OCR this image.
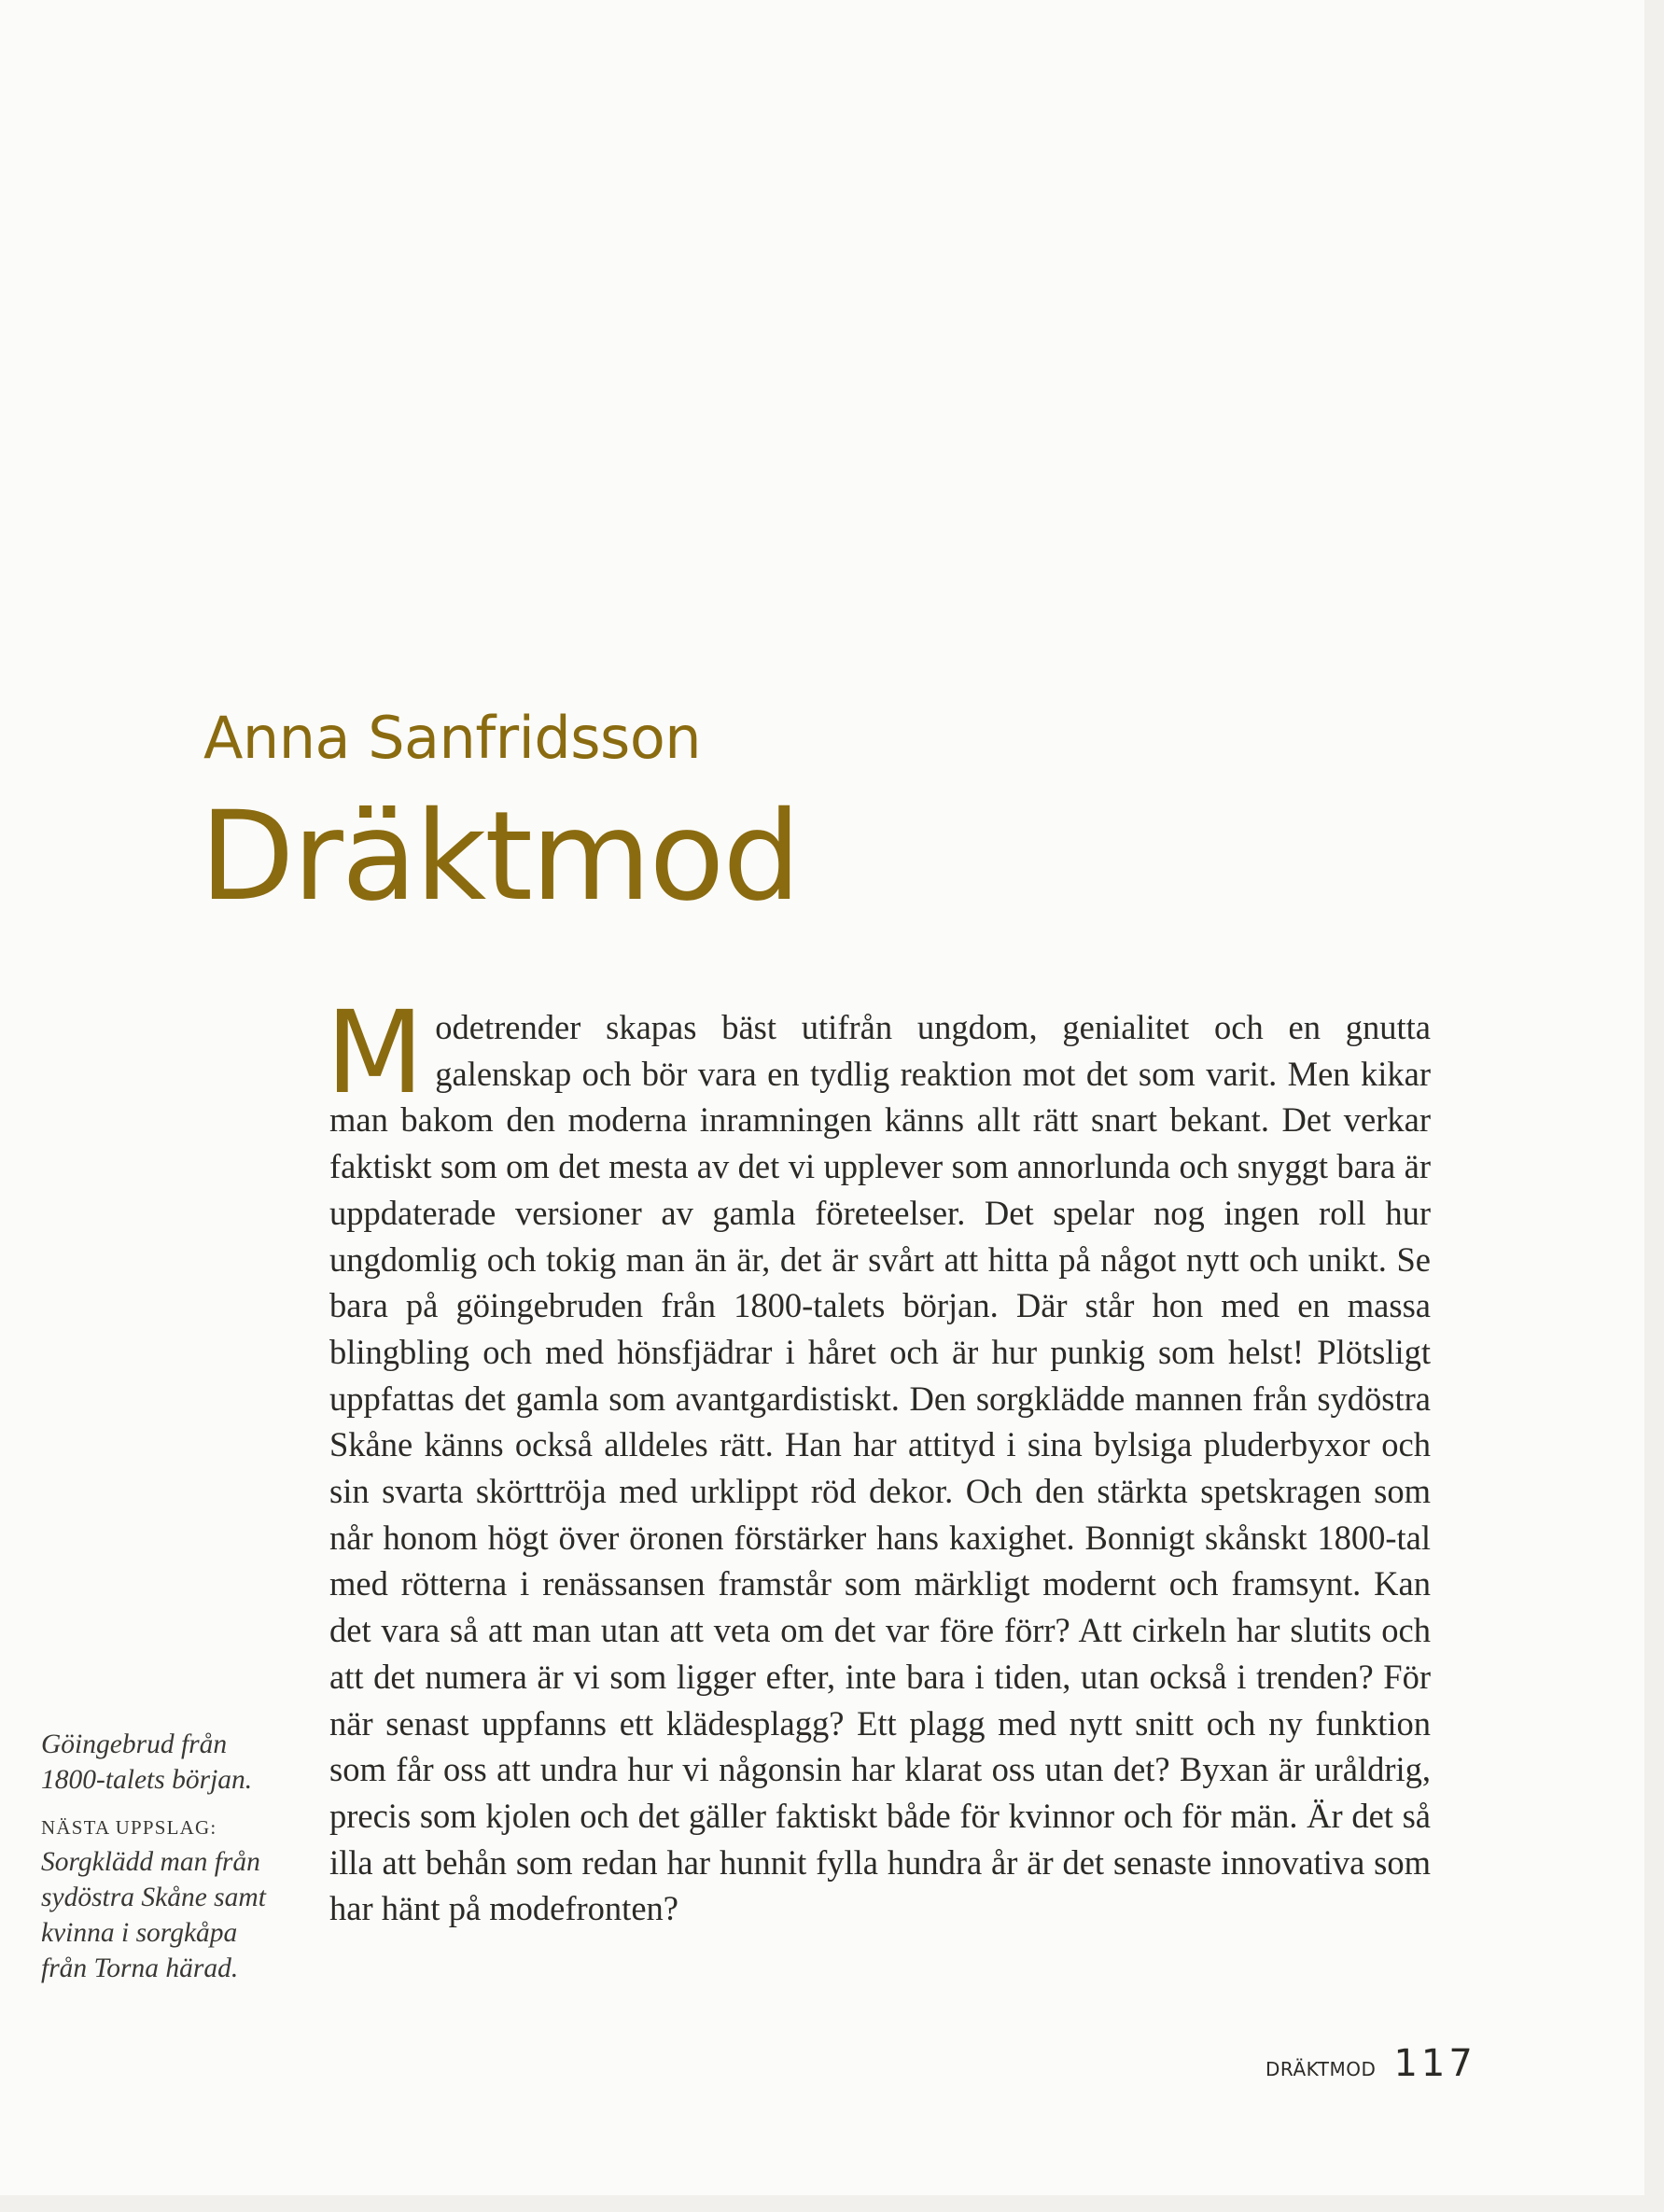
Anna Sanfridsson
Dräktmod

Modetrender skapas bäst utifrån ungdom, genialitet och en gnutta galenskap och bör vara en tydlig reaktion mot det som varit. Men kikar man bakom den moderna inramningen känns allt rätt snart bekant. Det verkar faktiskt som om det mesta av det vi upplever som annorlunda och snyggt bara är uppdaterade versioner av gamla företeelser. Det spelar nog ingen roll hur ungdomlig och tokig man än är, det är svårt att hitta på något nytt och unikt. Se bara på göingebruden från 1800-talets början. Där står hon med en massa blingbling och med hönsfjädrar i håret och är hur punkig som helst! Plötsligt uppfattas det gamla som avantgardistiskt. Den sorgklädde mannen från sydöstra Skåne känns också alldeles rätt. Han har attityd i sina bylsiga pluderbyxor och sin svarta skörttröja med urklippt röd dekor. Och den stärkta spetskragen som når honom högt över öronen förstärker hans kaxighet. Bonnigt skånskt 1800-tal med rötterna i renässansen framstår som märkligt modernt och framsynt. Kan det vara så att man utan att veta om det var före förr? Att cirkeln har slutits och att det numera är vi som ligger efter, inte bara i tiden, utan också i trenden? För när senast uppfanns ett klädesplagg? Ett plagg med nytt snitt och ny funktion som får oss att undra hur vi någonsin har klarat oss utan det? Byxan är uråldrig, precis som kjolen och det gäller faktiskt både för kvinnor och för män. Är det så illa att behån som redan har hunnit fylla hundra år är det senaste innovativa som har hänt på modefronten?

Göingebrud från
1800-talets början.
NÄSTA UPPSLAG:
Sorgklädd man från
sydöstra Skåne samt
kvinna i sorgkåpa
från Torna härad.
DRÄKTMOD 117
